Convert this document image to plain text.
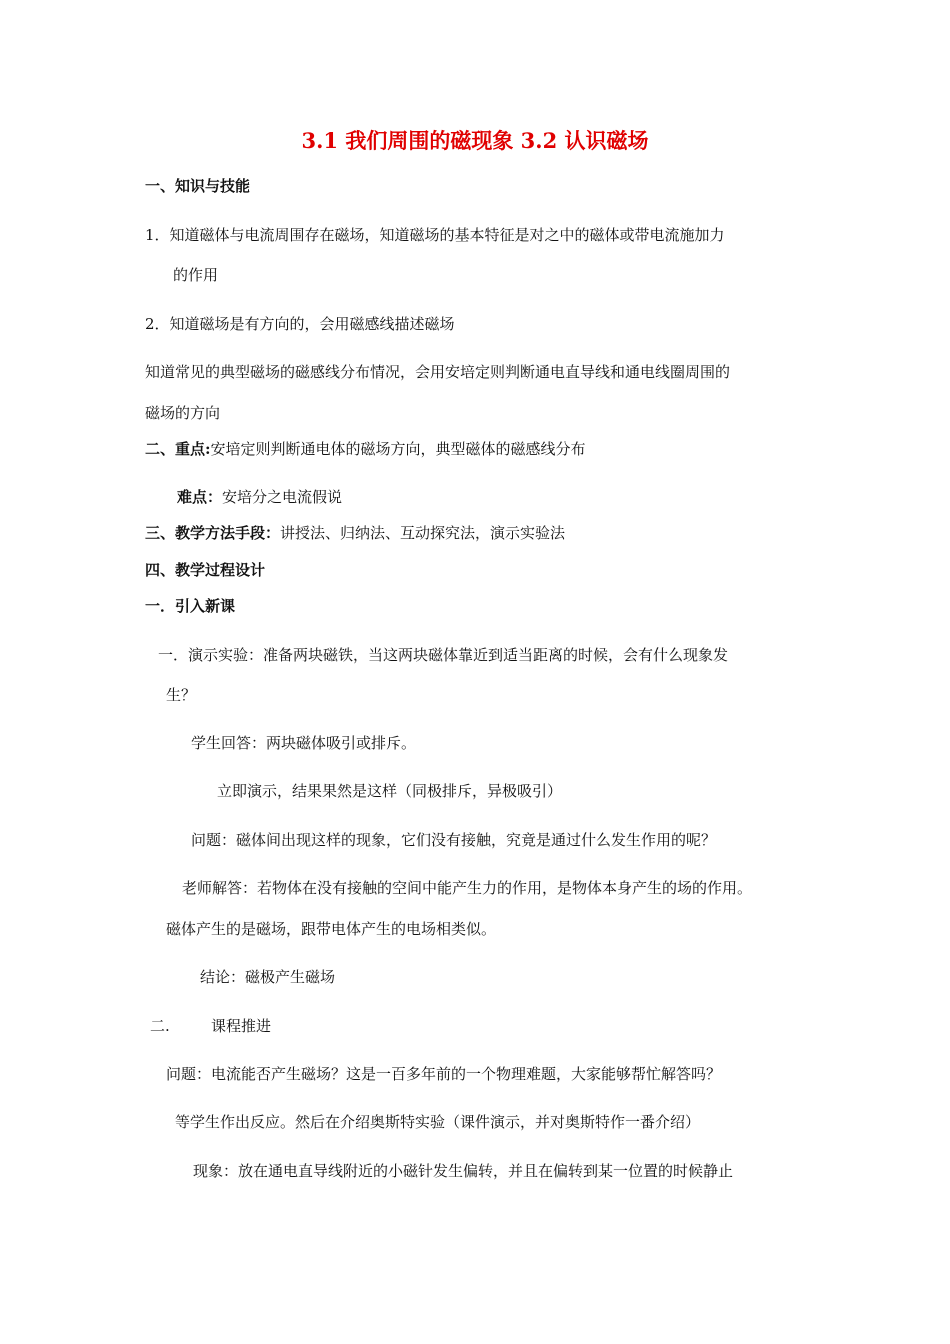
3.1 我们周围的磁现象 3.2 认识磁场
一、知识与技能
1．知道磁体与电流周围存在磁场，知道磁场的基本特征是对之中的磁体或带电流施加力
的作用
2．知道磁场是有方向的，会用磁感线描述磁场
知道常见的典型磁场的磁感线分布情况，会用安培定则判断通电直导线和通电线圈周围的
磁场的方向
二、重点:安培定则判断通电体的磁场方向，典型磁体的磁感线分布
难点：安培分之电流假说
三、教学方法手段：讲授法、归纳法、互动探究法，演示实验法
四、教学过程设计
一．引入新课
一．演示实验：准备两块磁铁，当这两块磁体靠近到适当距离的时候，会有什么现象发
生？
学生回答：两块磁体吸引或排斥。
立即演示，结果果然是这样（同极排斥，异极吸引）
问题：磁体间出现这样的现象，它们没有接触，究竟是通过什么发生作用的呢？
老师解答：若物体在没有接触的空间中能产生力的作用，是物体本身产生的场的作用。
磁体产生的是磁场，跟带电体产生的电场相类似。
结论：磁极产生磁场
二.	课程推进
问题：电流能否产生磁场？这是一百多年前的一个物理难题，大家能够帮忙解答吗？
等学生作出反应。然后在介绍奥斯特实验（课件演示，并对奥斯特作一番介绍）
现象：放在通电直导线附近的小磁针发生偏转，并且在偏转到某一位置的时候静止
